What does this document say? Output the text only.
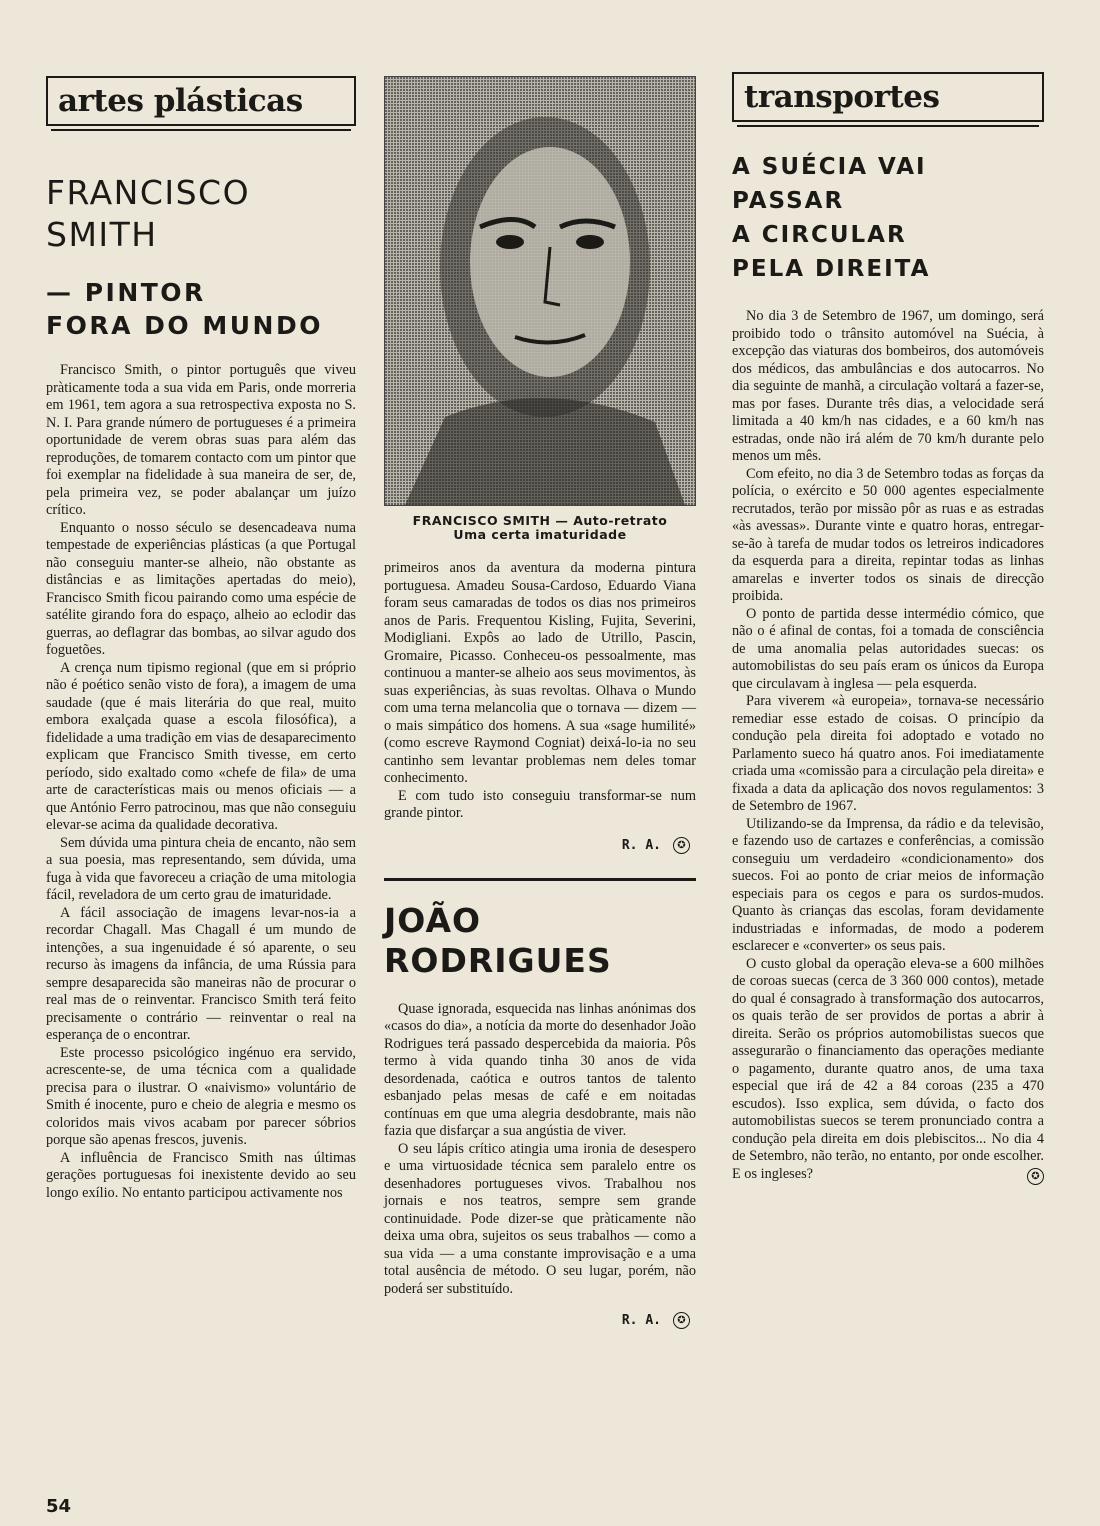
artes plásticas
FRANCISCO
SMITH
— PINTOR
FORA DO MUNDO

Francisco Smith, o pintor português que viveu pràticamente toda a sua vida em Paris, onde morreria em 1961, tem agora a sua retrospectiva exposta no S. N. I. Para grande número de portugueses é a primeira oportunidade de verem obras suas para além das reproduções, de tomarem contacto com um pintor que foi exemplar na fidelidade à sua maneira de ser, de, pela primeira vez, se poder abalançar um juízo crítico.

Enquanto o nosso século se desencadeava numa tempestade de experiências plásticas (a que Portugal não conseguiu manter-se alheio, não obstante as distâncias e as limitações apertadas do meio), Francisco Smith ficou pairando como uma espécie de satélite girando fora do espaço, alheio ao eclodir das guerras, ao deflagrar das bombas, ao silvar agudo dos foguetões.

A crença num tipismo regional (que em si próprio não é poético senão visto de fora), a imagem de uma saudade (que é mais literária do que real, muito embora exalçada quase a escola filosófica), a fidelidade a uma tradição em vias de desaparecimento explicam que Francisco Smith tivesse, em certo período, sido exaltado como «chefe de fila» de uma arte de características mais ou menos oficiais — a que António Ferro patrocinou, mas que não conseguiu elevar-se acima da qualidade decorativa.

Sem dúvida uma pintura cheia de encanto, não sem a sua poesia, mas representando, sem dúvida, uma fuga à vida que favoreceu a criação de uma mitologia fácil, reveladora de um certo grau de imaturidade.

A fácil associação de imagens levar-nos-ia a recordar Chagall. Mas Chagall é um mundo de intenções, a sua ingenuidade é só aparente, o seu recurso às imagens da infância, de uma Rússia para sempre desaparecida são maneiras não de procurar o real mas de o reinventar. Francisco Smith terá feito precisamente o contrário — reinventar o real na esperança de o encontrar.

Este processo psicológico ingénuo era servido, acrescente-se, de uma técnica com a qualidade precisa para o ilustrar. O «naivismo» voluntário de Smith é inocente, puro e cheio de alegria e mesmo os coloridos mais vivos acabam por parecer sóbrios porque são apenas frescos, juvenis.

A influência de Francisco Smith nas últimas gerações portuguesas foi inexistente devido ao seu longo exílio. No entanto participou activamente nos

FRANCISCO SMITH — Auto-retrato
Uma certa imaturidade

primeiros anos da aventura da moderna pintura portuguesa. Amadeu Sousa-Cardoso, Eduardo Viana foram seus camaradas de todos os dias nos primeiros anos de Paris. Frequentou Kisling, Fujita, Severini, Modigliani. Expôs ao lado de Utrillo, Pascin, Gromaire, Picasso. Conheceu-os pessoalmente, mas continuou a manter-se alheio aos seus movimentos, às suas experiências, às suas revoltas. Olhava o Mundo com uma terna melancolia que o tornava — dizem — o mais simpático dos homens. A sua «sage humilité» (como escreve Raymond Cogniat) deixá-lo-ia no seu cantinho sem levantar problemas nem deles tomar conhecimento.

E com tudo isto conseguiu transformar-se num grande pintor.

R. A. ✪
JOÃO RODRIGUES

Quase ignorada, esquecida nas linhas anónimas dos «casos do dia», a notícia da morte do desenhador João Rodrigues terá passado despercebida da maioria. Pôs termo à vida quando tinha 30 anos de vida desordenada, caótica e outros tantos de talento esbanjado pelas mesas de café e em noitadas contínuas em que uma alegria desdobrante, mais não fazia que disfarçar a sua angústia de viver.

O seu lápis crítico atingia uma ironia de desespero e uma virtuosidade técnica sem paralelo entre os desenhadores portugueses vivos. Trabalhou nos jornais e nos teatros, sempre sem grande continuidade. Pode dizer-se que pràticamente não deixa uma obra, sujeitos os seus trabalhos — como a sua vida — a uma constante improvisação e a uma total ausência de método. O seu lugar, porém, não poderá ser substituído.

R. A. ✪
transportes
A SUÉCIA VAI PASSAR
A CIRCULAR
PELA DIREITA

No dia 3 de Setembro de 1967, um domingo, será proibido todo o trânsito automóvel na Suécia, à excepção das viaturas dos bombeiros, dos automóveis dos médicos, das ambulâncias e dos autocarros. No dia seguinte de manhã, a circulação voltará a fazer-se, mas por fases. Durante três dias, a velocidade será limitada a 40 km/h nas cidades, e a 60 km/h nas estradas, onde não irá além de 70 km/h durante pelo menos um mês.

Com efeito, no dia 3 de Setembro todas as forças da polícia, o exército e 50 000 agentes especialmente recrutados, terão por missão pôr as ruas e as estradas «às avessas». Durante vinte e quatro horas, entregar-se-ão à tarefa de mudar todos os letreiros indicadores da esquerda para a direita, repintar todas as linhas amarelas e inverter todos os sinais de direcção proibida.

O ponto de partida desse intermédio cómico, que não o é afinal de contas, foi a tomada de consciência de uma anomalia pelas autoridades suecas: os automobilistas do seu país eram os únicos da Europa que circulavam à inglesa — pela esquerda.

Para viverem «à europeia», tornava-se necessário remediar esse estado de coisas. O princípio da condução pela direita foi adoptado e votado no Parlamento sueco há quatro anos. Foi imediatamente criada uma «comissão para a circulação pela direita» e fixada a data da aplicação dos novos regulamentos: 3 de Setembro de 1967.

Utilizando-se da Imprensa, da rádio e da televisão, e fazendo uso de cartazes e conferências, a comissão conseguiu um verdadeiro «condicionamento» dos suecos. Foi ao ponto de criar meios de informação especiais para os cegos e para os surdos-mudos. Quanto às crianças das escolas, foram devidamente industriadas e informadas, de modo a poderem esclarecer e «converter» os seus pais.

O custo global da operação eleva-se a 600 milhões de coroas suecas (cerca de 3 360 000 contos), metade do qual é consagrado à transformação dos autocarros, os quais terão de ser providos de portas a abrir à direita. Serão os próprios automobilistas suecos que assegurarão o financiamento das operações mediante o pagamento, durante quatro anos, de uma taxa especial que irá de 42 a 84 coroas (235 a 470 escudos). Isso explica, sem dúvida, o facto dos automobilistas suecos se terem pronunciado contra a condução pela direita em dois plebiscitos... No dia 4 de Setembro, não terão, no entanto, por onde escolher. E os ingleses?	✪
54
